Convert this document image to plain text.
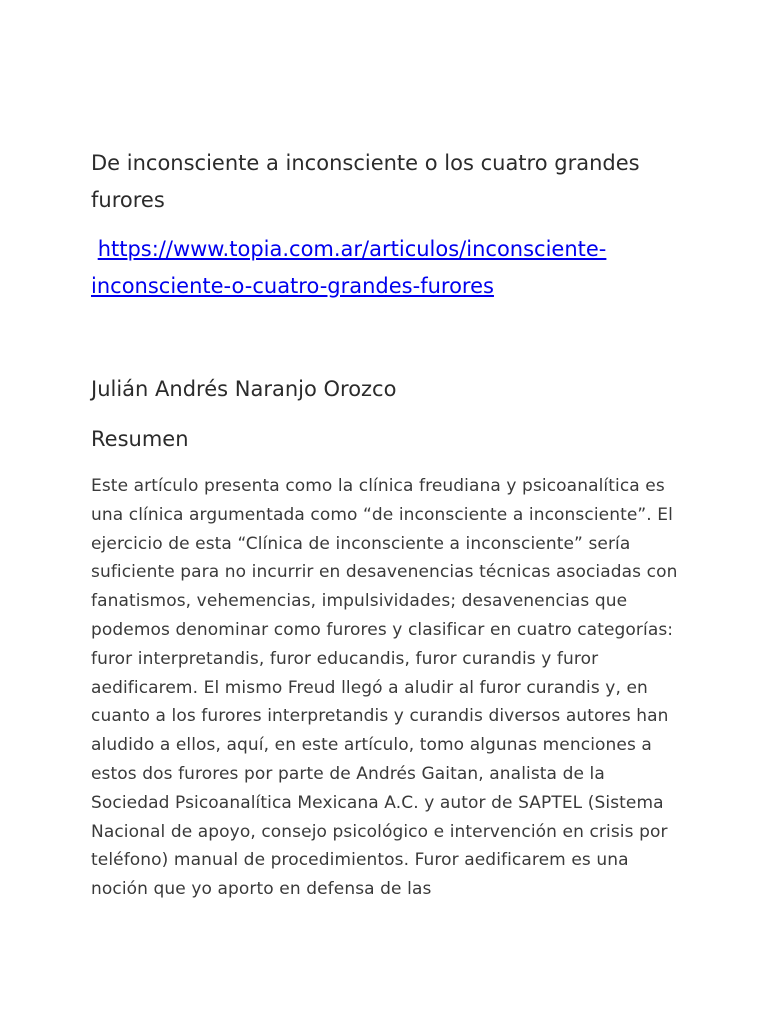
De inconsciente a inconsciente o los cuatro grandes furores
https://www.topia.com.ar/articulos/inconsciente-inconsciente-o-cuatro-grandes-furores
Julián Andrés Naranjo Orozco
Resumen

Este artículo presenta como la clínica freudiana y psicoanalítica es una clínica argumentada como “de inconsciente a inconsciente”. El ejercicio de esta “Clínica de inconsciente a inconsciente” sería suficiente para no incurrir en desavenencias técnicas asociadas con fanatismos, vehemencias, impulsividades; desavenencias que podemos denominar como furores y clasificar en cuatro categorías: furor interpretandis, furor educandis, furor curandis y furor aedificarem. El mismo Freud llegó a aludir al furor curandis y, en cuanto a los furores interpretandis y curandis diversos autores han aludido a ellos, aquí, en este artículo, tomo algunas menciones a estos dos furores por parte de Andrés Gaitan, analista de la Sociedad Psicoanalítica Mexicana A.C. y autor de SAPTEL (Sistema Nacional de apoyo, consejo psicológico e intervención en crisis por teléfono) manual de procedimientos. Furor aedificarem es una noción que yo aporto en defensa de las
